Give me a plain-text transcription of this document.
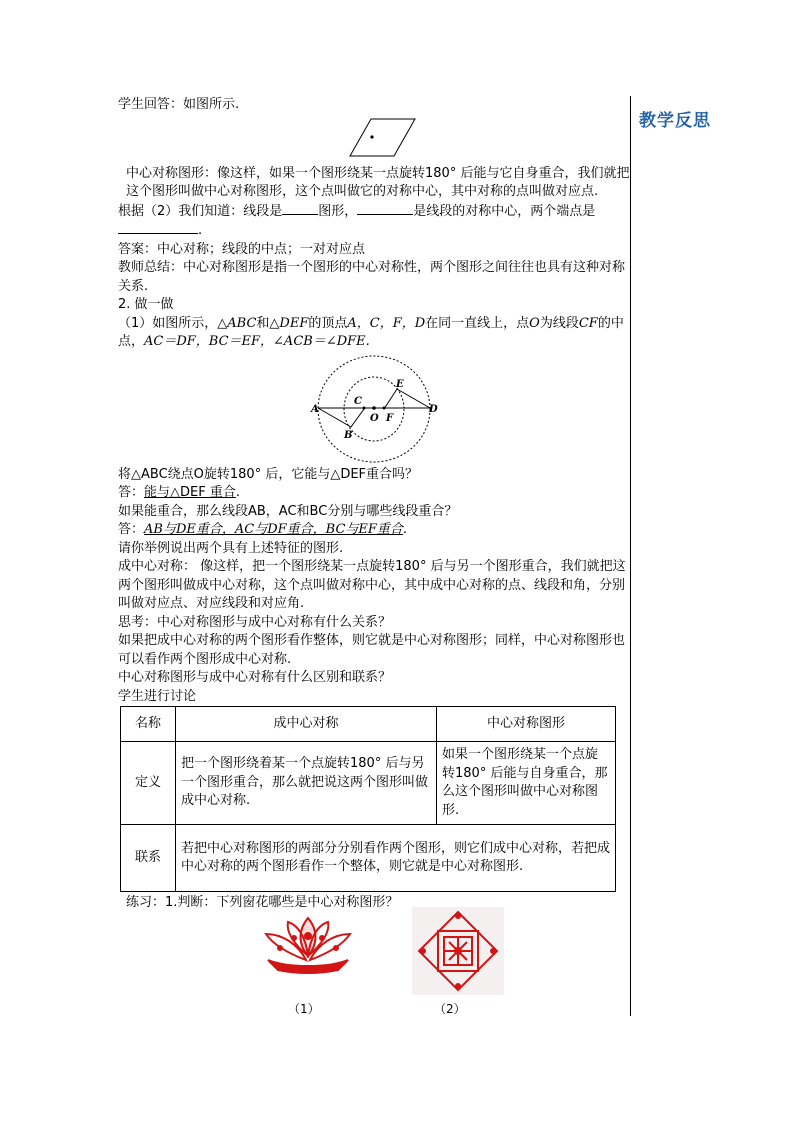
教学反思

学生回答：如图所示.

中心对称图形：像这样，如果一个图形绕某一点旋转180° 后能与它自身重合，我们就把这个图形叫做中心对称图形，这个点叫做它的对称中心，其中对称的点叫做对应点.

根据（2）我们知道：线段是	图形，	是线段的对称中心，两个端点是
.

答案：中心对称；线段的中点；一对对应点

教师总结：中心对称图形是指一个图形的中心对称性，两个图形之间往往也具有这种对称关系.

2. 做一做

（1）如图所示，△ABC和△DEF的顶点A，C，F，D在同一直线上，点O为线段CF的中点，AC＝DF，BC＝EF，∠ACB＝∠DFE.

A
B
C
O F
E
D

将△ABC绕点O旋转180° 后，它能与△DEF重合吗？

答：能与△DEF 重合.

如果能重合，那么线段AB，AC和BC分别与哪些线段重合？

答：AB与DE重合，AC与DF重合，BC与EF重合.

请你举例说出两个具有上述特征的图形.

成中心对称： 像这样，把一个图形绕某一点旋转180° 后与另一个图形重合，我们就把这两个图形叫做成中心对称，这个点叫做对称中心，其中成中心对称的点、线段和角，分别叫做对应点、对应线段和对应角.

思考：中心对称图形与成中心对称有什么关系？

如果把成中心对称的两个图形看作整体，则它就是中心对称图形；同样，中心对称图形也可以看作两个图形成中心对称.

中心对称图形与成中心对称有什么区别和联系？

学生进行讨论

名称	成中心对称	中心对称图形
定义	把一个图形绕着某一个点旋转180° 后与另一个图形重合，那么就把说这两个图形叫做成中心对称.	如果一个图形绕某一个点旋转180° 后能与自身重合，那么这个图形叫做中心对称图形.
联系	若把中心对称图形的两部分分别看作两个图形，则它们成中心对称，若把成中心对称的两个图形看作一个整体，则它就是中心对称图形.	

练习：1.判断：下列窗花哪些是中心对称图形？

（1）	（2）
